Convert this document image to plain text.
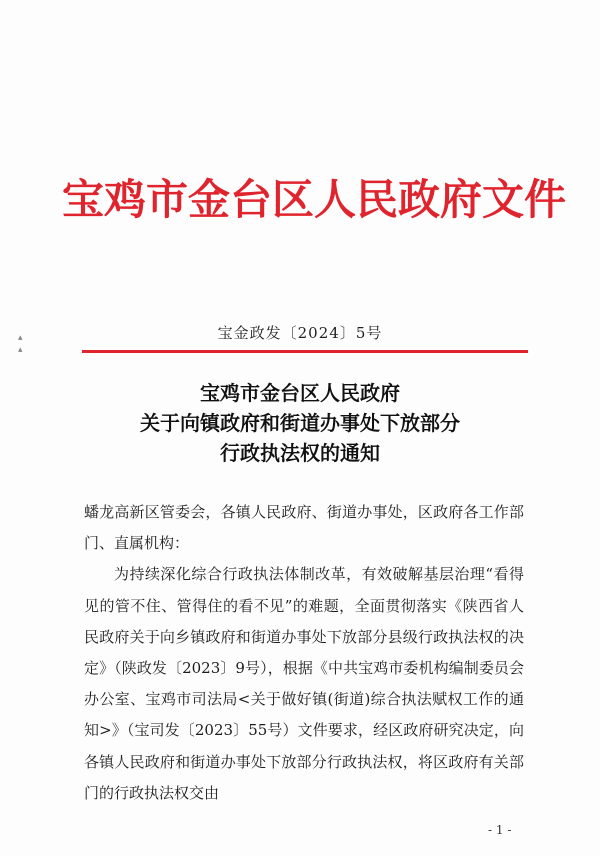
▴
▴
宝鸡市金台区人民政府文件
宝金政发〔2024〕5号
宝鸡市金台区人民政府
关于向镇政府和街道办事处下放部分
行政执法权的通知

蟠龙高新区管委会，各镇人民政府、街道办事处，区政府各工作部门、直属机构：

为持续深化综合行政执法体制改革，有效破解基层治理“看得见的管不住、管得住的看不见”的难题，全面贯彻落实《陕西省人民政府关于向乡镇政府和街道办事处下放部分县级行政执法权的决定》（陕政发〔2023〕9号），根据《中共宝鸡市委机构编制委员会办公室、宝鸡市司法局<关于做好镇(街道)综合执法赋权工作的通知>》（宝司发〔2023〕55号）文件要求，经区政府研究决定，向各镇人民政府和街道办事处下放部分行政执法权，将区政府有关部门的行政执法权交由

- 1 -
